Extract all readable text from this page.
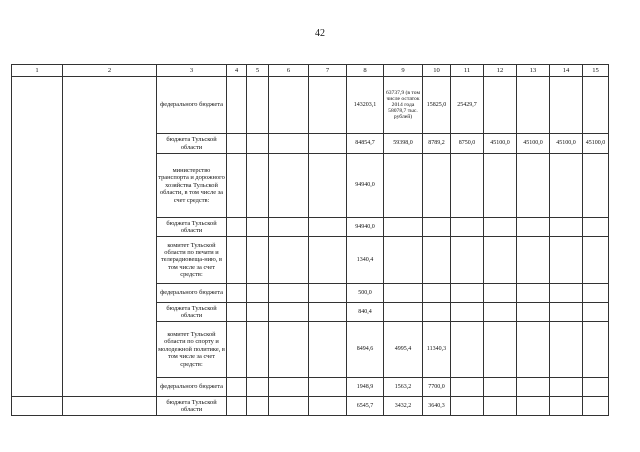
42
1	2	3	4	5	6	7	8	9	10	11	12	13	14	15
		федерального бюджета					143203,1	63737,9 (в том числе остаток 2014 года 58078,7 тыс. рублей)	15825,0	25429,7				
		бюджета Тульской области					84854,7	59398,0	8789,2	8750,0	45100,0	45100,0	45100,0	45100,0
		министерство транспорта и дорожного хозяйства Тульской области, в том числе за счет средств:					94940,0							
		бюджета Тульской области					94940,0							
		комитет Тульской области по печати и телерадиовеща-нию, в том числе за счет средств:					1340,4							
		федерального бюджета					500,0							
		бюджета Тульской области					840,4							
		комитет Тульской области по спорту и молодежной политике, в том числе за счет средств:					8494,6	4995,4	11340,3					
		федерального бюджета					1948,9	1563,2	7700,0					
		бюджета Тульской области					6545,7	3432,2	3640,3					
